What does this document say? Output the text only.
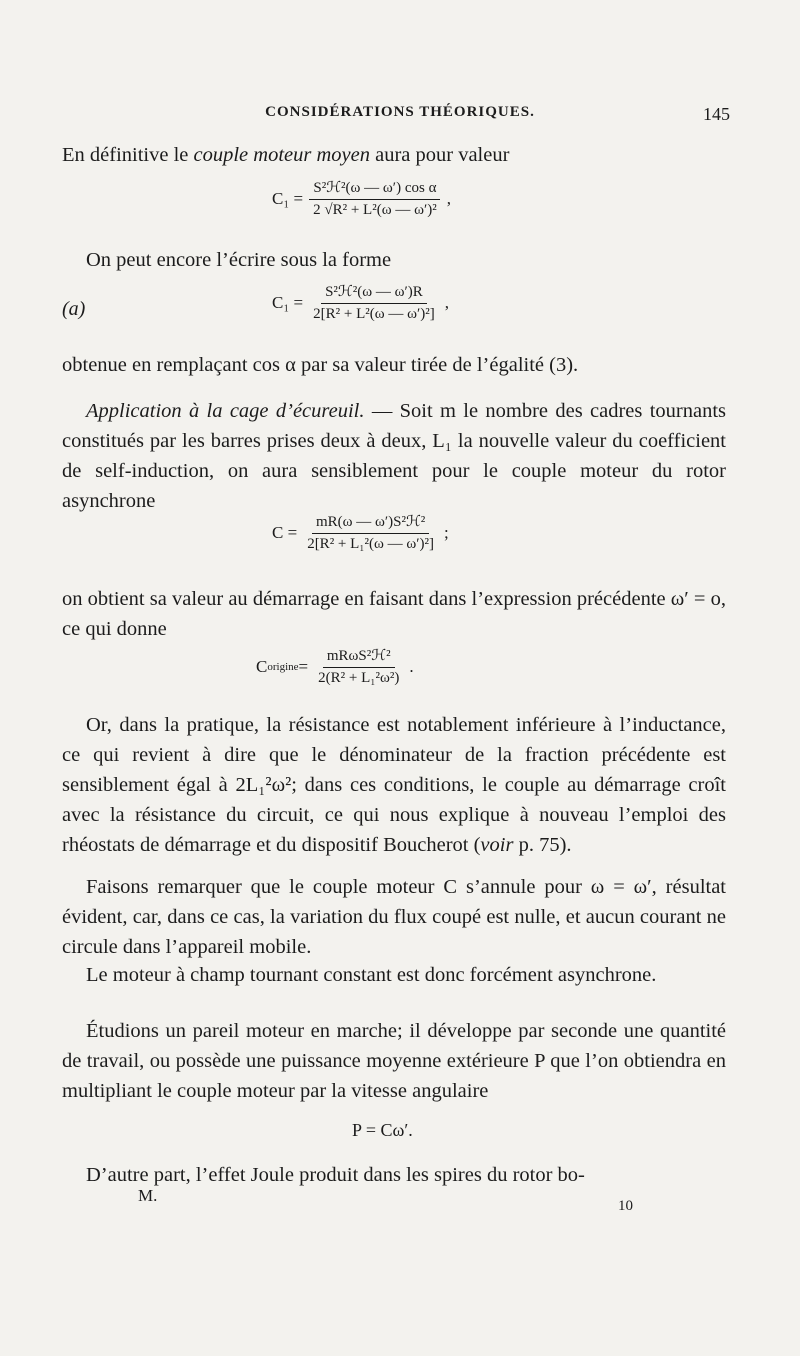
CONSIDÉRATIONS THÉORIQUES.	145
En définitive le couple moteur moyen aura pour valeur
$C_1 = \frac{\text{S²ℋ²(ω — ω′) cos α}}{\text{2 √R² + L²(ω — ω′)²}}$ ,
On peut encore l’écrire sous la forme
(a)	$C_1 = \frac{\text{S²ℋ²(ω — ω′)R}}{\text{2[R² + L²(ω — ω′)²]}}$ ,
obtenue en remplaçant cos α par sa valeur tirée de l’égalité (3).
Application à la cage d’écureuil. — Soit m le nombre des cadres tournants constitués par les barres prises deux à deux, L₁ la nouvelle valeur du coefficient de self-induction, on aura sensiblement pour le couple moteur du rotor asynchrone
$C = \frac{\text{mR(ω — ω′)S²ℋ²}}{\text{2[R² + L₁²(ω — ω′)²]}}$ ;
on obtient sa valeur au démarrage en faisant dans l’expression précédente ω′ = o, ce qui donne
C origine = $\frac{\text{mRωS²ℋ²}}{\text{2(R² + L₁²ω²)}}$ .
Or, dans la pratique, la résistance est notablement inférieure à l’inductance, ce qui revient à dire que le dénominateur de la fraction précédente est sensiblement égal à 2L₁²ω²; dans ces conditions, le couple au démarrage croît avec la résistance du circuit, ce qui nous explique à nouveau l’emploi des rhéostats de démarrage et du dispositif Boucherot (voir p. 75).
Faisons remarquer que le couple moteur C s’annule pour ω = ω′, résultat évident, car, dans ce cas, la variation du flux coupé est nulle, et aucun courant ne circule dans l’appareil mobile.
Le moteur à champ tournant constant est donc forcément asynchrone.
Étudions un pareil moteur en marche; il développe par seconde une quantité de travail, ou possède une puissance moyenne extérieure P que l’on obtiendra en multipliant le couple moteur par la vitesse angulaire
P = Cω′.
D’autre part, l’effet Joule produit dans les spires du rotor bo-
M.
10
